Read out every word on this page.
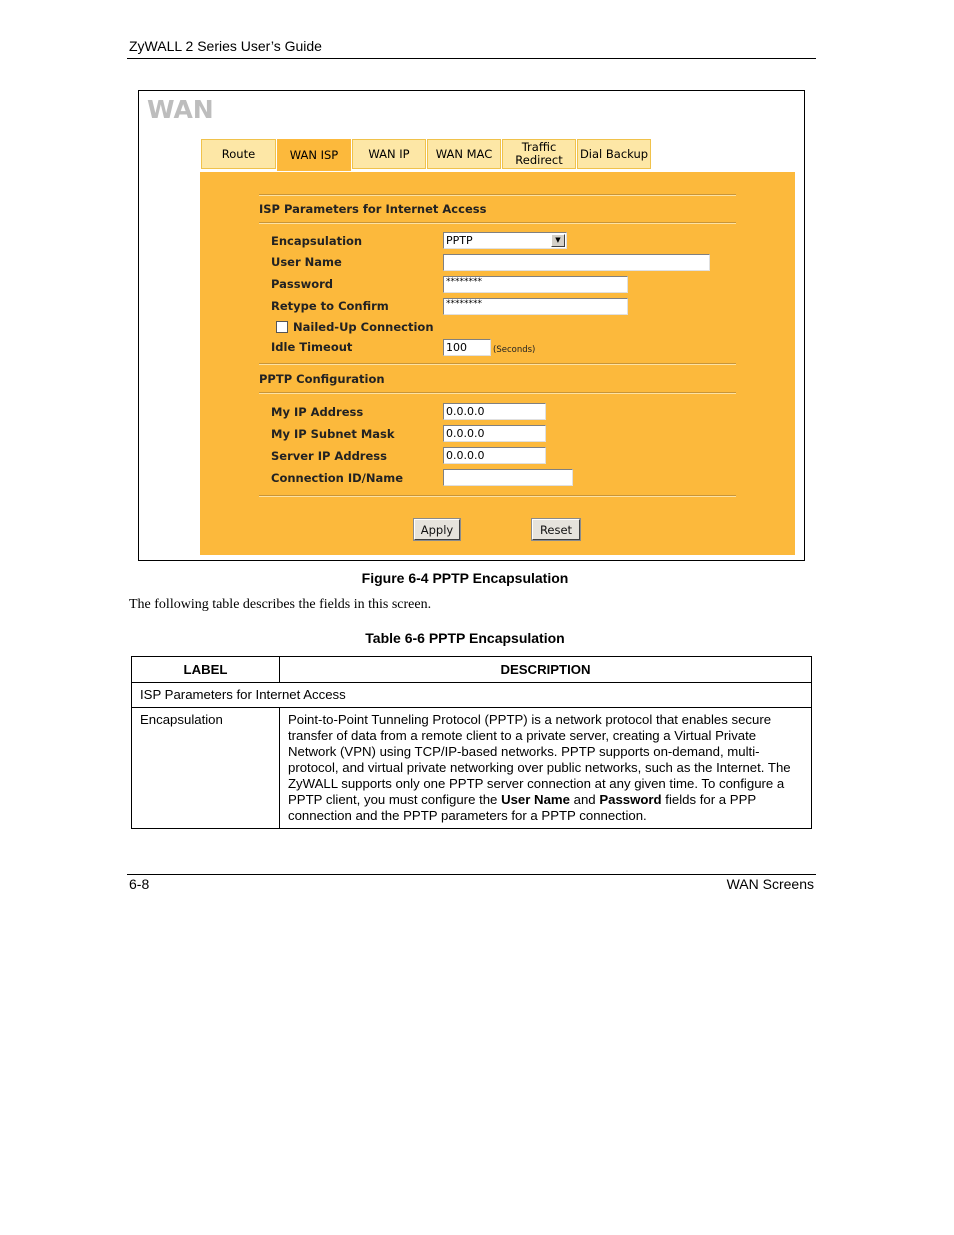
ZyWALL 2 Series User’s Guide
WAN
Route	WAN ISP	WAN IP	WAN MAC	Traffic Redirect	Dial Backup
ISP Parameters for Internet Access
Encapsulation	PPTP	▼
User Name
Password	********
Retype to Confirm	********
Nailed-Up Connection
Idle Timeout	100	(Seconds)
PPTP Configuration
My IP Address	0.0.0.0
My IP Subnet Mask	0.0.0.0
Server IP Address	0.0.0.0
Connection ID/Name
Apply	Reset
Figure 6-4 PPTP Encapsulation
The following table describes the fields in this screen.
Table 6-6 PPTP Encapsulation
LABEL	DESCRIPTION
ISP Parameters for Internet Access	
Encapsulation	Point-to-Point Tunneling Protocol (PPTP) is a network protocol that enables secure transfer of data from a remote client to a private server, creating a Virtual Private Network (VPN) using TCP/IP-based networks. PPTP supports on-demand, multi-protocol, and virtual private networking over public networks, such as the Internet. The ZyWALL supports only one PPTP server connection at any given time. To configure a PPTP client, you must configure the User Name and Password fields for a PPP connection and the PPTP parameters for a PPTP connection.
6-8	WAN Screens
